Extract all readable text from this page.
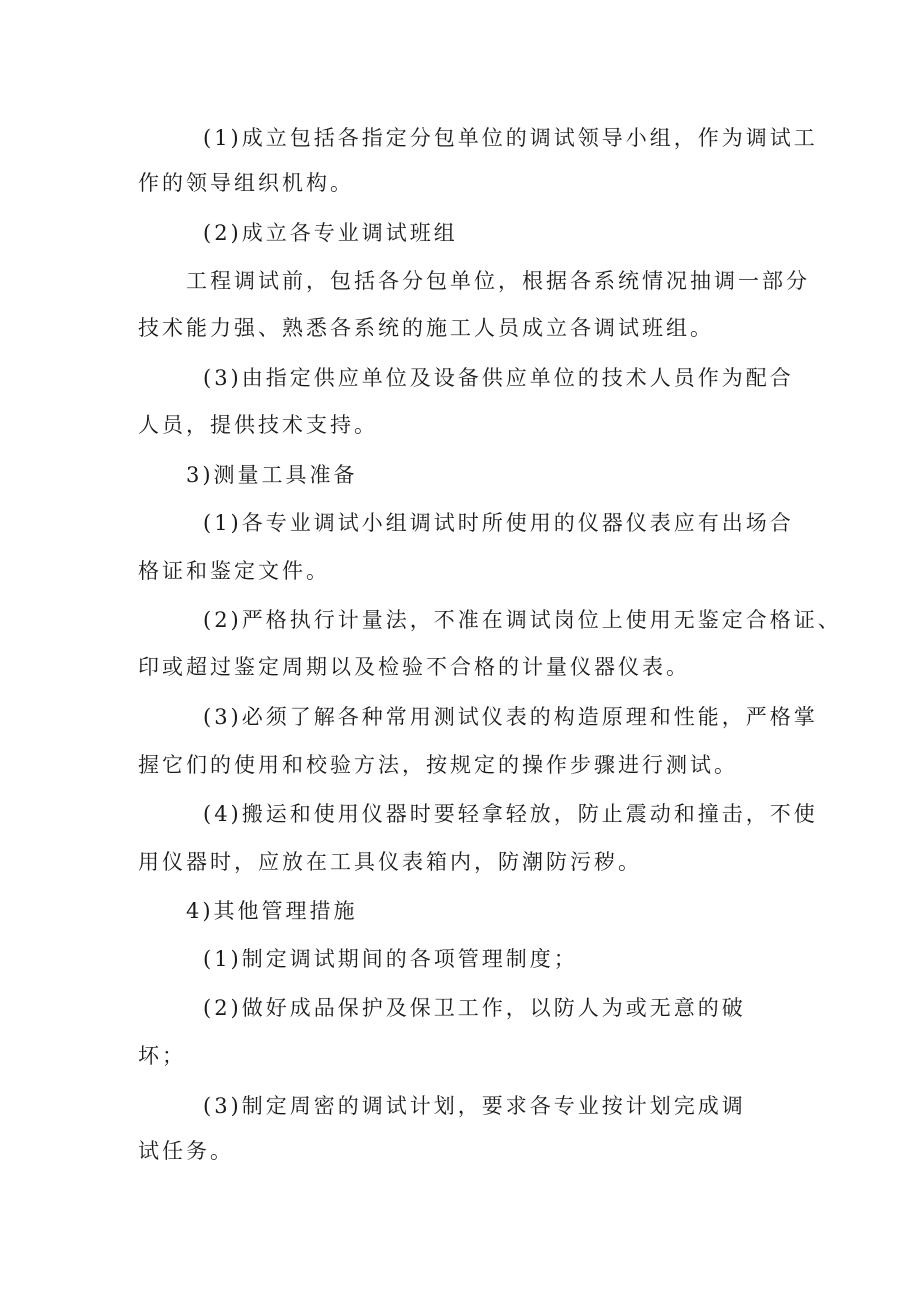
(1)成立包括各指定分包单位的调试领导小组，作为调试工
作的领导组织机构。
(2)成立各专业调试班组
工程调试前，包括各分包单位，根据各系统情况抽调一部分
技术能力强、熟悉各系统的施工人员成立各调试班组。
(3)由指定供应单位及设备供应单位的技术人员作为配合
人员，提供技术支持。
3)测量工具准备
(1)各专业调试小组调试时所使用的仪器仪表应有出场合
格证和鉴定文件。
(2)严格执行计量法，不准在调试岗位上使用无鉴定合格证、
印或超过鉴定周期以及检验不合格的计量仪器仪表。
(3)必须了解各种常用测试仪表的构造原理和性能，严格掌
握它们的使用和校验方法，按规定的操作步骤进行测试。
(4)搬运和使用仪器时要轻拿轻放，防止震动和撞击，不使
用仪器时，应放在工具仪表箱内，防潮防污秽。
4)其他管理措施
(1)制定调试期间的各项管理制度；
(2)做好成品保护及保卫工作，以防人为或无意的破
坏；
(3)制定周密的调试计划，要求各专业按计划完成调
试任务。
